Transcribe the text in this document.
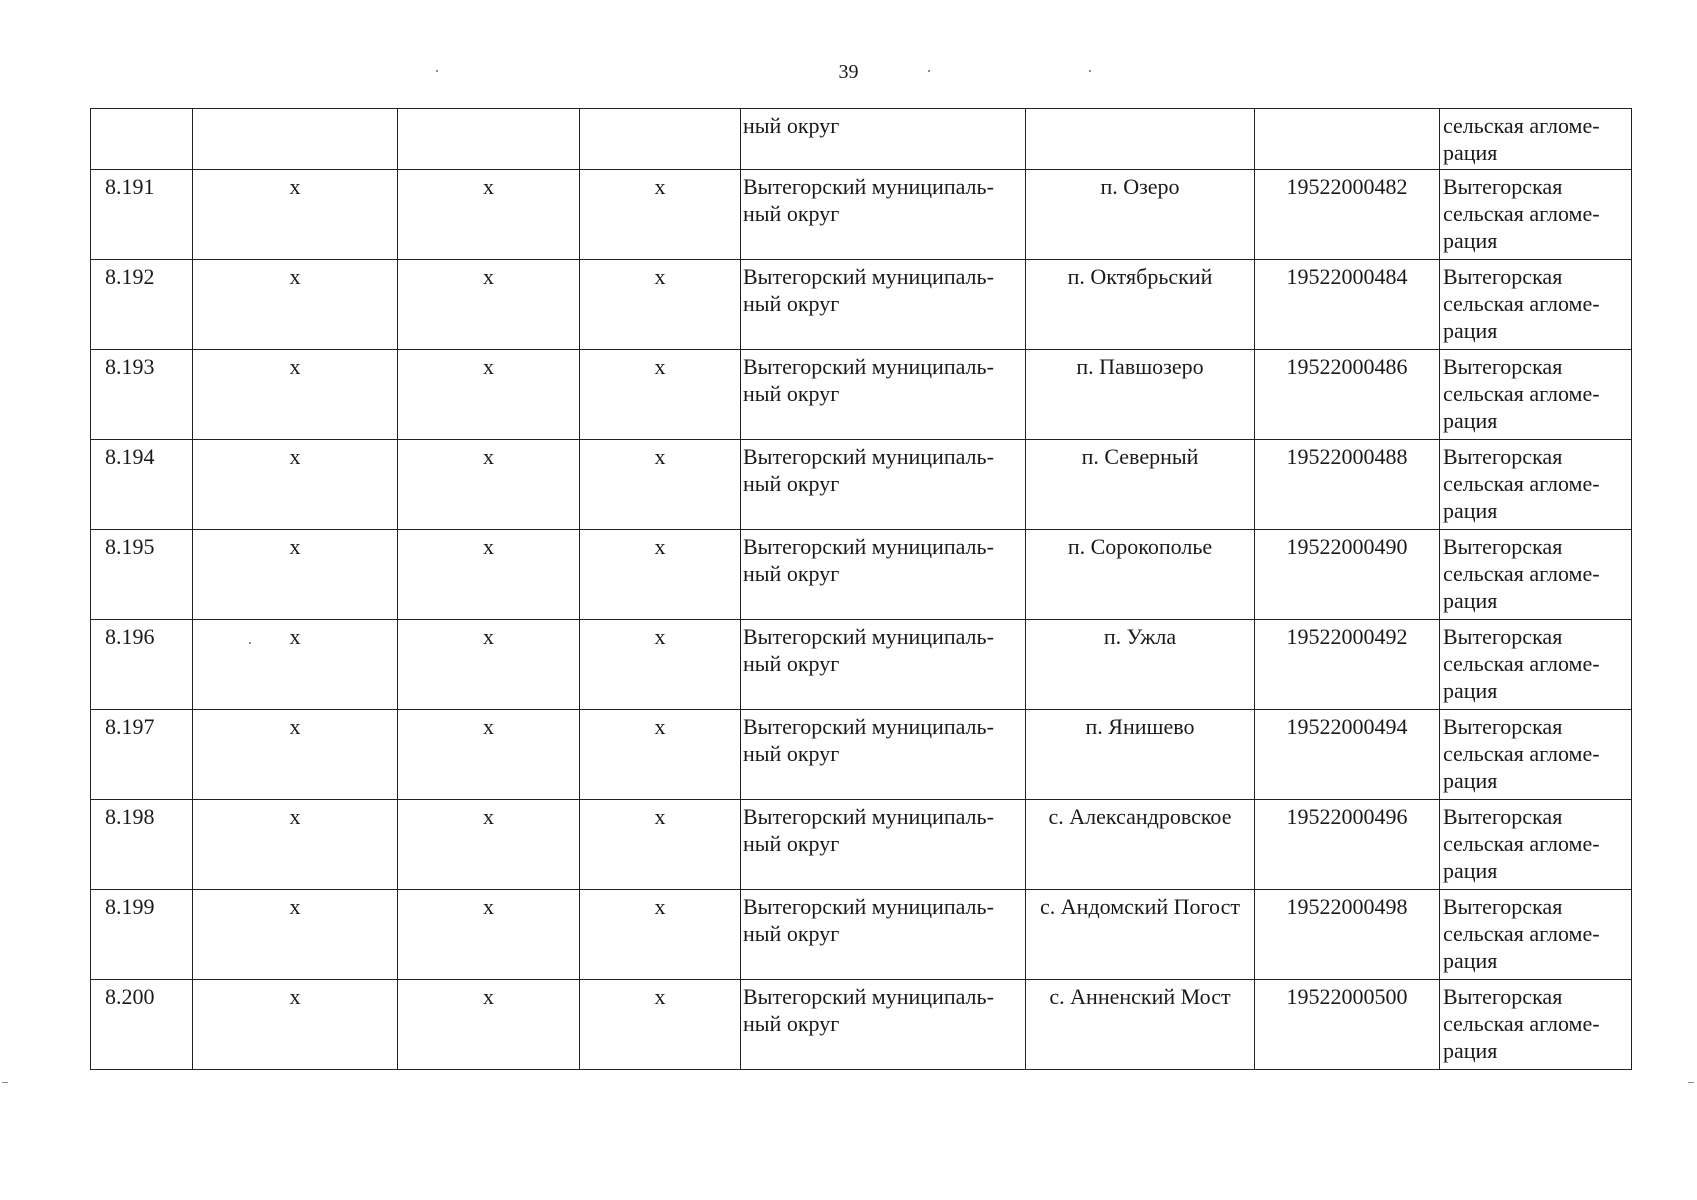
39

				ный округ			сельская агломе-
рация

8.191	х	х	х	Вытегорский муниципаль-
ный округ	п. Озеро	19522000482	Вытегорская
сельская агломе-
рация

8.192	х	х	х	Вытегорский муниципаль-
ный округ	п. Октябрьский	19522000484	Вытегорская
сельская агломе-
рация

8.193	х	х	х	Вытегорский муниципаль-
ный округ	п. Павшозеро	19522000486	Вытегорская
сельская агломе-
рация

8.194	х	х	х	Вытегорский муниципаль-
ный округ	п. Северный	19522000488	Вытегорская
сельская агломе-
рация

8.195	х	х	х	Вытегорский муниципаль-
ный округ	п. Сорокополье	19522000490	Вытегорская
сельская агломе-
рация

8.196	х	х	х	Вытегорский муниципаль-
ный округ	п. Ужла	19522000492	Вытегорская
сельская агломе-
рация

8.197	х	х	х	Вытегорский муниципаль-
ный округ	п. Янишево	19522000494	Вытегорская
сельская агломе-
рация

8.198	х	х	х	Вытегорский муниципаль-
ный округ	с. Александровское	19522000496	Вытегорская
сельская агломе-
рация

8.199	х	х	х	Вытегорский муниципаль-
ный округ	с. Андомский Погост	19522000498	Вытегорская
сельская агломе-
рация

8.200	х	х	х	Вытегорский муниципаль-
ный округ	с. Анненский Мост	19522000500	Вытегорская
сельская агломе-
рация
